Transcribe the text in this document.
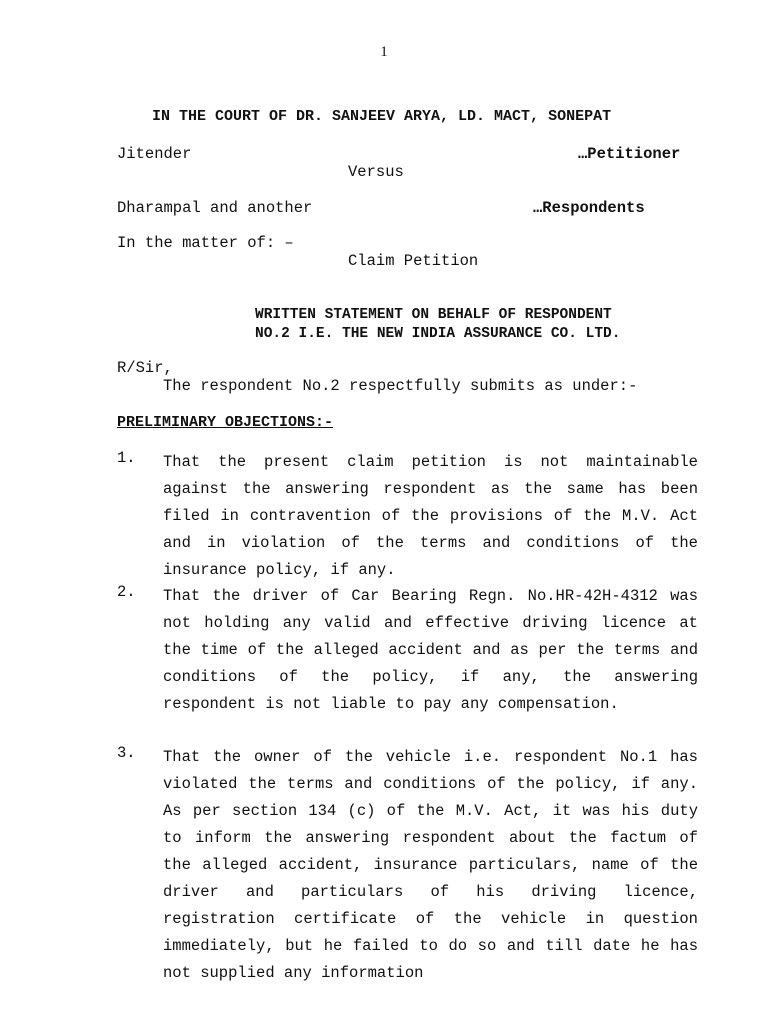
1
IN THE COURT OF DR. SANJEEV ARYA, LD. MACT, SONEPAT
Jitender	…Petitioner
Versus
Dharampal and another	…Respondents
In the matter of: –
Claim Petition
WRITTEN STATEMENT ON BEHALF OF RESPONDENT
NO.2 I.E. THE NEW INDIA ASSURANCE CO. LTD.
R/Sir,
The respondent No.2 respectfully submits as under:-
PRELIMINARY OBJECTIONS:-
1. That the present claim petition is not maintainable against the answering respondent as the same has been filed in contravention of the provisions of the M.V. Act and in violation of the terms and conditions of the insurance policy, if any.
2. That the driver of Car Bearing Regn. No.HR-42H-4312 was not holding any valid and effective driving licence at the time of the alleged accident and as per the terms and conditions of the policy, if any, the answering respondent is not liable to pay any compensation.
3. That the owner of the vehicle i.e. respondent No.1 has violated the terms and conditions of the policy, if any. As per section 134 (c) of the M.V. Act, it was his duty to inform the answering respondent about the factum of the alleged accident, insurance particulars, name of the driver and particulars of his driving licence, registration certificate of the vehicle in question immediately, but he failed to do so and till date he has not supplied any information
